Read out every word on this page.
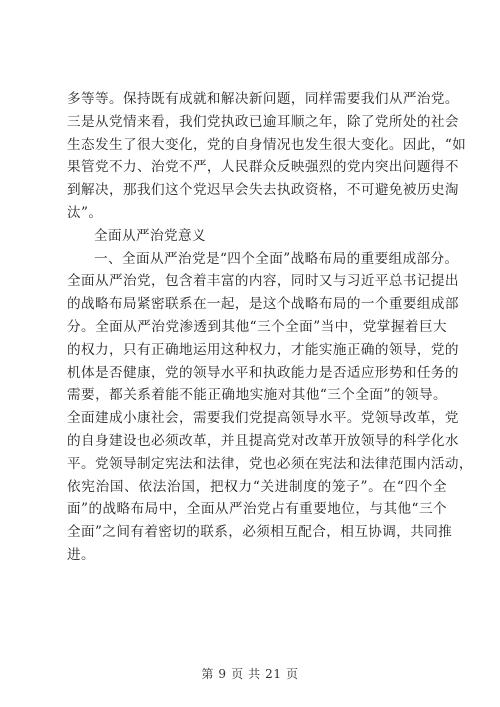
多等等。保持既有成就和解决新问题，同样需要我们从严治党。
三是从党情来看，我们党执政已逾耳顺之年，除了党所处的社会
生态发生了很大变化，党的自身情况也发生很大变化。因此，“如
果管党不力、治党不严，人民群众反映强烈的党内突出问题得不
到解决，那我们这个党迟早会失去执政资格，不可避免被历史淘
汰”。
全面从严治党意义
一、全面从严治党是“四个全面”战略布局的重要组成部分。
全面从严治党，包含着丰富的内容，同时又与习近平总书记提出
的战略布局紧密联系在一起，是这个战略布局的一个重要组成部
分。全面从严治党渗透到其他“三个全面”当中，党掌握着巨大
的权力，只有正确地运用这种权力，才能实施正确的领导，党的
机体是否健康，党的领导水平和执政能力是否适应形势和任务的
需要，都关系着能不能正确地实施对其他“三个全面”的领导。
全面建成小康社会，需要我们党提高领导水平。党领导改革，党
的自身建设也必须改革，并且提高党对改革开放领导的科学化水
平。党领导制定宪法和法律，党也必须在宪法和法律范围内活动，
依宪治国、依法治国，把权力“关进制度的笼子”。在“四个全
面”的战略布局中，全面从严治党占有重要地位，与其他“三个
全面”之间有着密切的联系，必须相互配合，相互协调，共同推
进。
第 9 页 共 21 页
